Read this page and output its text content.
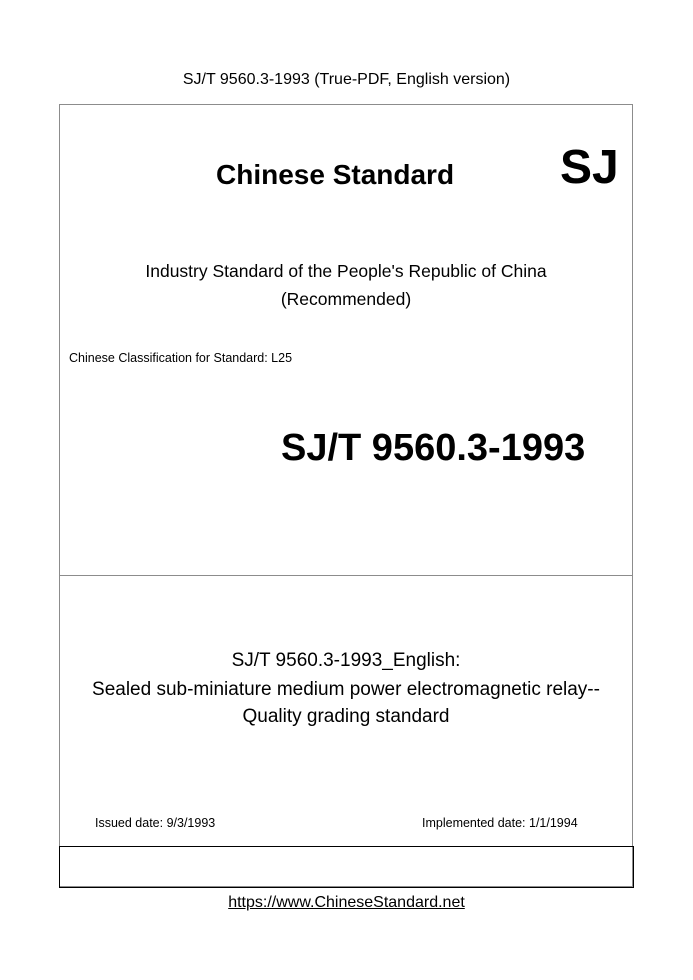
SJ/T 9560.3-1993 (True-PDF, English version)
Chinese Standard SJ
Industry Standard of the People's Republic of China
(Recommended)
Chinese Classification for Standard: L25
SJ/T 9560.3-1993
SJ/T 9560.3-1993_English:
Sealed sub-miniature medium power electromagnetic relay--
Quality grading standard
Issued date: 9/3/1993	Implemented date: 1/1/1994
https://www.ChineseStandard.net
